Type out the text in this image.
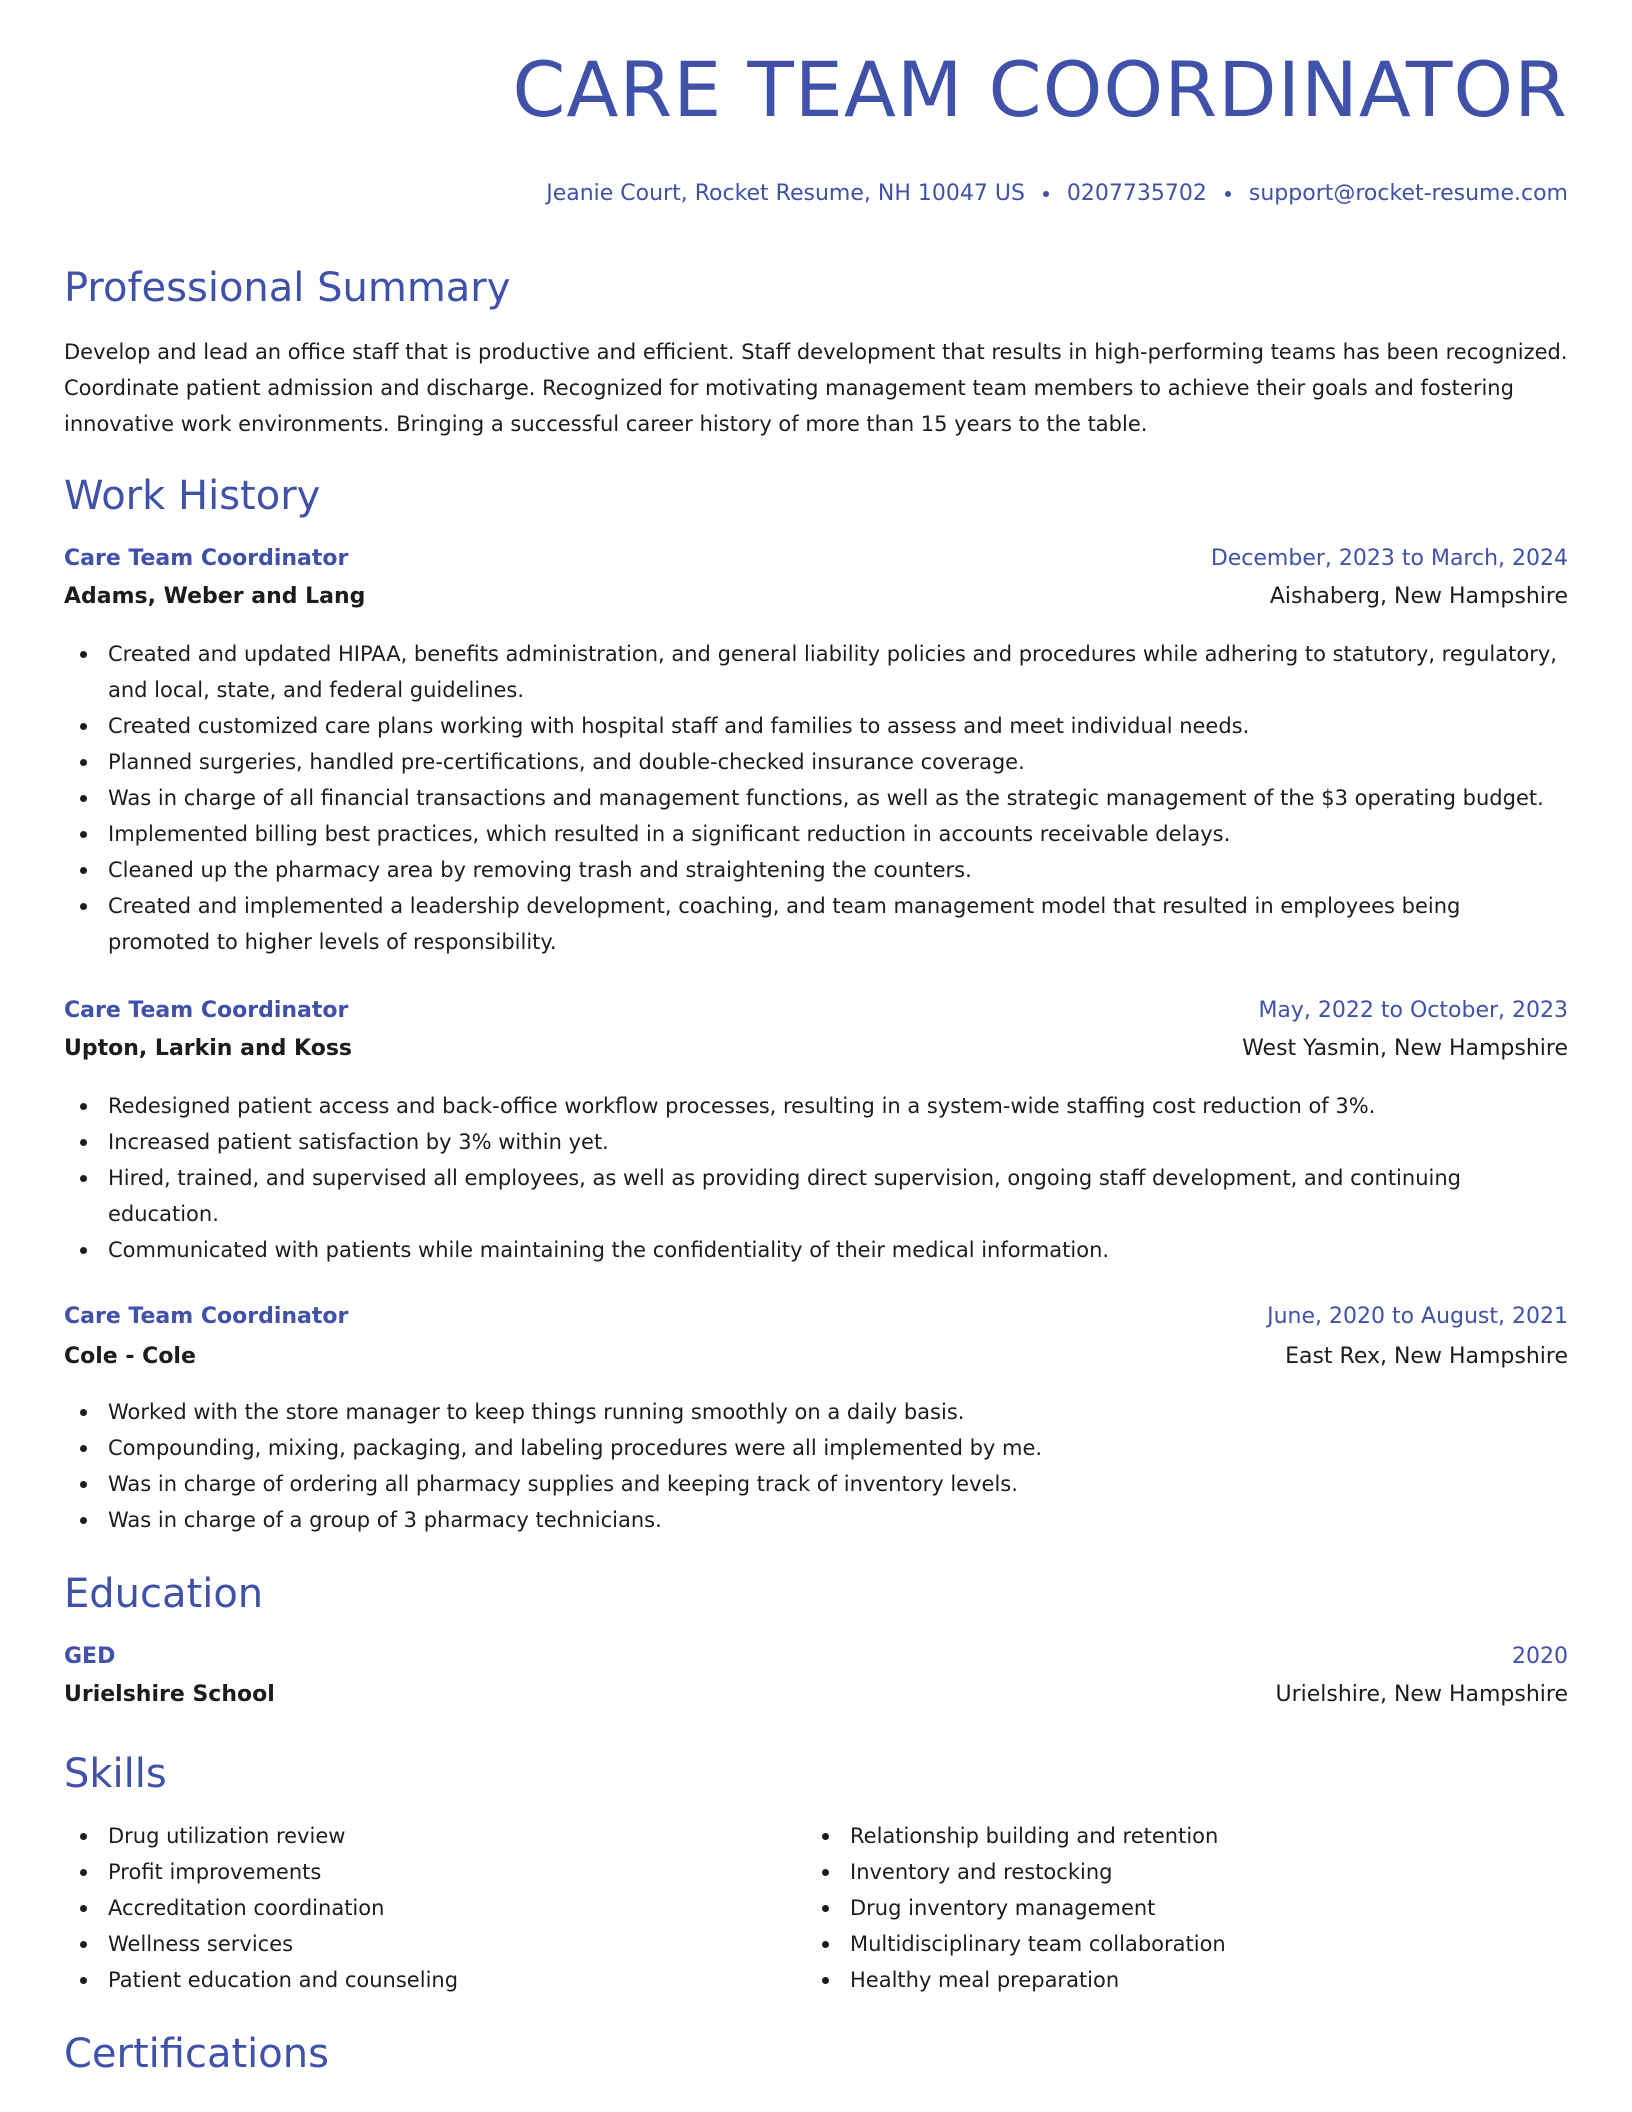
CARE TEAM COORDINATOR
Jeanie Court, Rocket Resume, NH 10047 US 0207735702 support@rocket-resume.com
Professional Summary
Develop and lead an office staff that is productive and efficient. Staff development that results in high-performing teams has been recognized. Coordinate patient admission and discharge. Recognized for motivating management team members to achieve their goals and fostering innovative work environments. Bringing a successful career history of more than 15 years to the table.
Work History
Care Team Coordinator	December, 2023 to March, 2024
Adams, Weber and Lang	Aishaberg, New Hampshire
Created and updated HIPAA, benefits administration, and general liability policies and procedures while adhering to statutory, regulatory, and local, state, and federal guidelines.
Created customized care plans working with hospital staff and families to assess and meet individual needs.
Planned surgeries, handled pre-certifications, and double-checked insurance coverage.
Was in charge of all financial transactions and management functions, as well as the strategic management of the $3 operating budget.
Implemented billing best practices, which resulted in a significant reduction in accounts receivable delays.
Cleaned up the pharmacy area by removing trash and straightening the counters.
Created and implemented a leadership development, coaching, and team management model that resulted in employees being promoted to higher levels of responsibility.
Care Team Coordinator	May, 2022 to October, 2023
Upton, Larkin and Koss	West Yasmin, New Hampshire
Redesigned patient access and back-office workflow processes, resulting in a system-wide staffing cost reduction of 3%.
Increased patient satisfaction by 3% within yet.
Hired, trained, and supervised all employees, as well as providing direct supervision, ongoing staff development, and continuing education.
Communicated with patients while maintaining the confidentiality of their medical information.
Care Team Coordinator	June, 2020 to August, 2021
Cole - Cole	East Rex, New Hampshire
Worked with the store manager to keep things running smoothly on a daily basis.
Compounding, mixing, packaging, and labeling procedures were all implemented by me.
Was in charge of ordering all pharmacy supplies and keeping track of inventory levels.
Was in charge of a group of 3 pharmacy technicians.
Education
GED	2020
Urielshire School	Urielshire, New Hampshire
Skills
Drug utilization review
Profit improvements
Accreditation coordination
Wellness services
Patient education and counseling
Relationship building and retention
Inventory and restocking
Drug inventory management
Multidisciplinary team collaboration
Healthy meal preparation
Certifications
